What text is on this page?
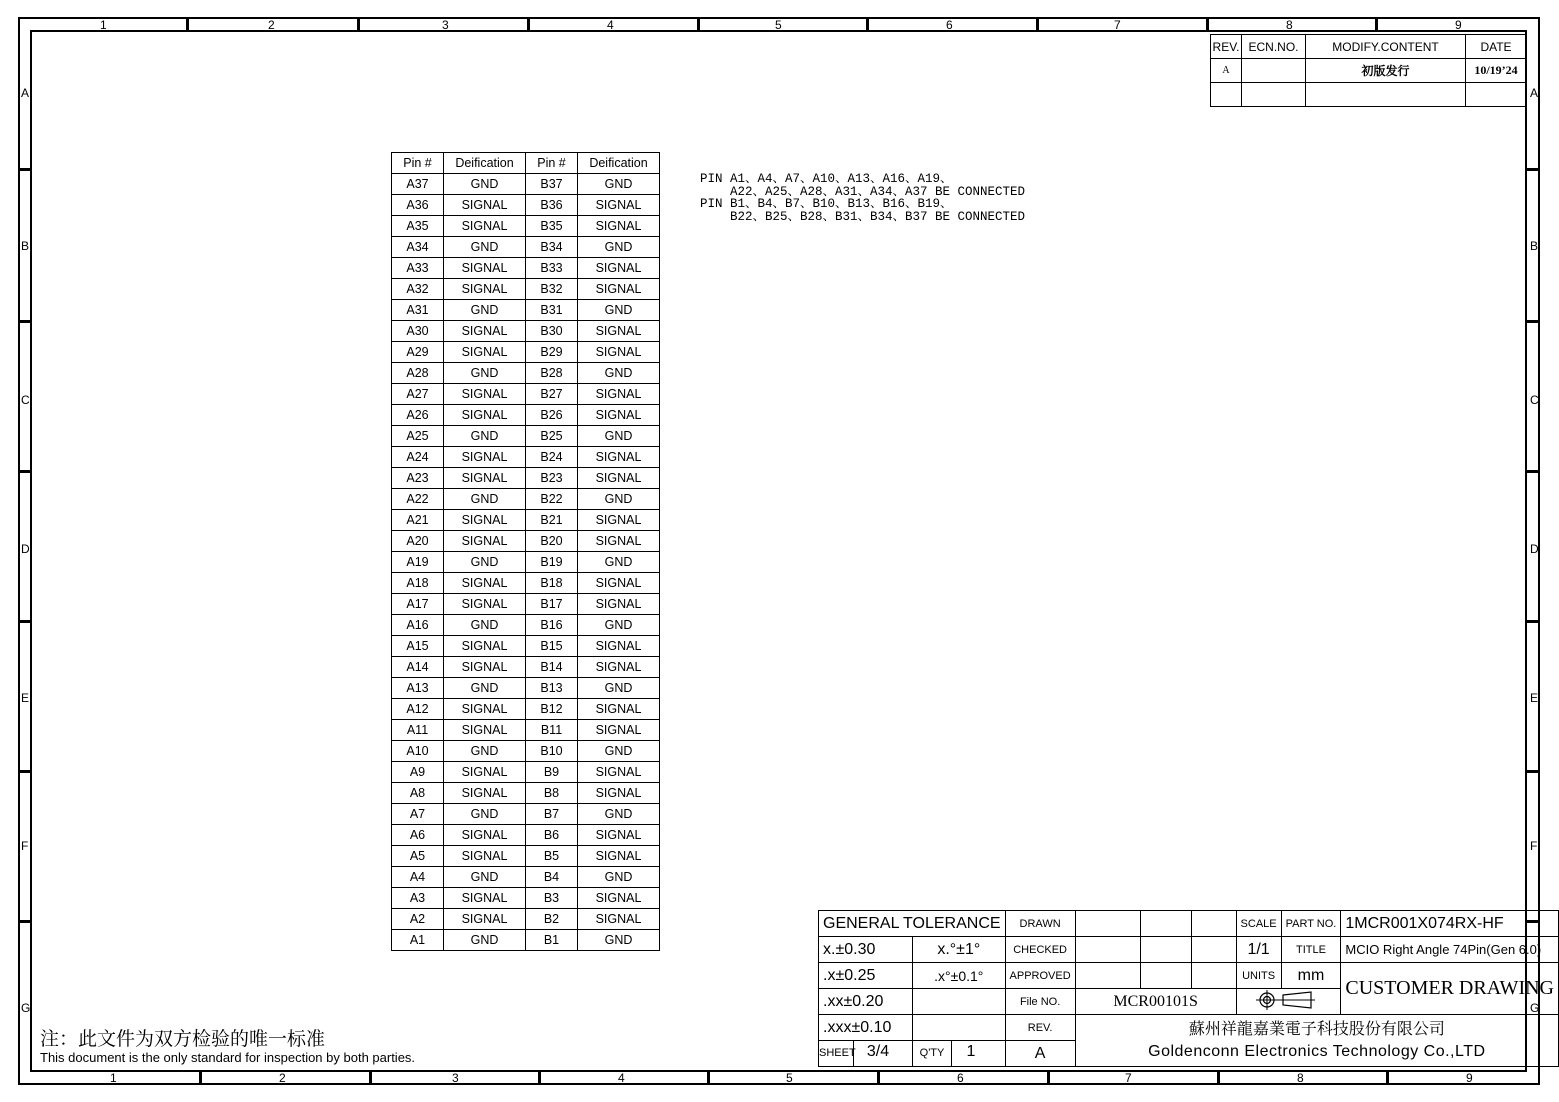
1
1
2
2
3
3
4
4
5
5
6
6
7
7
8
8
9
9
A	A
B	B
C	C
D	D
E	E
F	F
G	G
REV.	ECN.NO.	MODIFY.CONTENT	DATE
A		初版发行	10/19’24

Pin #	Deification	Pin #	Deification
A37	GND	B37	GND
A36	SIGNAL	B36	SIGNAL
A35	SIGNAL	B35	SIGNAL
A34	GND	B34	GND
A33	SIGNAL	B33	SIGNAL
A32	SIGNAL	B32	SIGNAL
A31	GND	B31	GND
A30	SIGNAL	B30	SIGNAL
A29	SIGNAL	B29	SIGNAL
A28	GND	B28	GND
A27	SIGNAL	B27	SIGNAL
A26	SIGNAL	B26	SIGNAL
A25	GND	B25	GND
A24	SIGNAL	B24	SIGNAL
A23	SIGNAL	B23	SIGNAL
A22	GND	B22	GND
A21	SIGNAL	B21	SIGNAL
A20	SIGNAL	B20	SIGNAL
A19	GND	B19	GND
A18	SIGNAL	B18	SIGNAL
A17	SIGNAL	B17	SIGNAL
A16	GND	B16	GND
A15	SIGNAL	B15	SIGNAL
A14	SIGNAL	B14	SIGNAL
A13	GND	B13	GND
A12	SIGNAL	B12	SIGNAL
A11	SIGNAL	B11	SIGNAL
A10	GND	B10	GND
A9	SIGNAL	B9	SIGNAL
A8	SIGNAL	B8	SIGNAL
A7	GND	B7	GND
A6	SIGNAL	B6	SIGNAL
A5	SIGNAL	B5	SIGNAL
A4	GND	B4	GND
A3	SIGNAL	B3	SIGNAL
A2	SIGNAL	B2	SIGNAL
A1	GND	B1	GND
PIN A1、A4、A7、A10、A13、A16、A19、
A22、A25、A28、A31、A34、A37 BE CONNECTED
PIN B1、B4、B7、B10、B13、B16、B19、
B22、B25、B28、B31、B34、B37 BE CONNECTED
注：此文件为双方检验的唯一标准
This document is the only standard for inspection by both parties.
GENERAL TOLERANCE		DRAWN				SCALE	PART NO.	1MCR001X074RX-HF
x.±0.30	x.°±1°	CHECKED				1/1	TITLE	MCIO Right Angle 74Pin(Gen 6.0)
.x±0.25	.x°±0.1°	APPROVED				UNITS	mm	CUSTOMER DRAWING
.xx±0.20		File NO.	MCR00101S	
.xxx±0.10		REV.	蘇州祥龍嘉業電子科技股份有限公司
Goldenconn Electronics Technology Co.,LTD					

SHEET 3/4	Q'TY 1	A						
